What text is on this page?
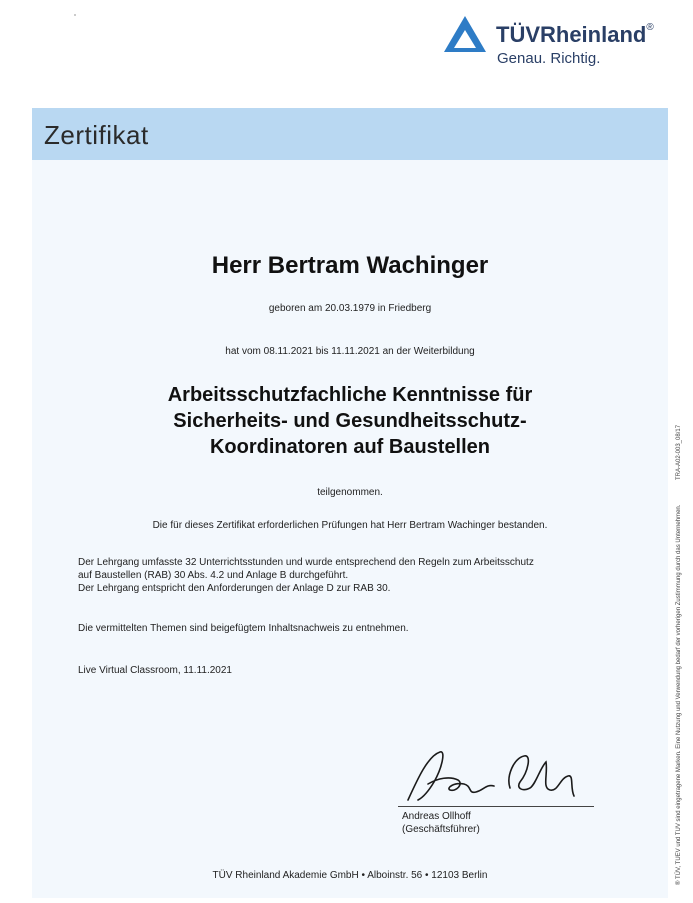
Zertifikat
TÜVRheinland®
Genau. Richtig.
Herr Bertram Wachinger
geboren am 20.03.1979 in Friedberg
hat vom 08.11.2021 bis 11.11.2021 an der Weiterbildung
Arbeitsschutzfachliche Kenntnisse für
Sicherheits- und Gesundheitsschutz-
Koordinatoren auf Baustellen
teilgenommen.
Die für dieses Zertifikat erforderlichen Prüfungen hat Herr Bertram Wachinger bestanden.
Der Lehrgang umfasste 32 Unterrichtsstunden und wurde entsprechend den Regeln zum Arbeitsschutz
auf Baustellen (RAB) 30 Abs. 4.2 und Anlage B durchgeführt.
Der Lehrgang entspricht den Anforderungen der Anlage D zur RAB 30.
Die vermittelten Themen sind beigefügtem Inhaltsnachweis zu entnehmen.
Live Virtual Classroom, 11.11.2021
Andreas Ollhoff
(Geschäftsführer)
TÜV Rheinland Akademie GmbH • Alboinstr. 56 • 12103 Berlin	® TÜV, TUEV und TUV sind eingetragene Marken. Eine Nutzung und Verwendung bedarf der vorherigen Zustimmung durch das Unternehmen.
TRA-A02-003_08/17
